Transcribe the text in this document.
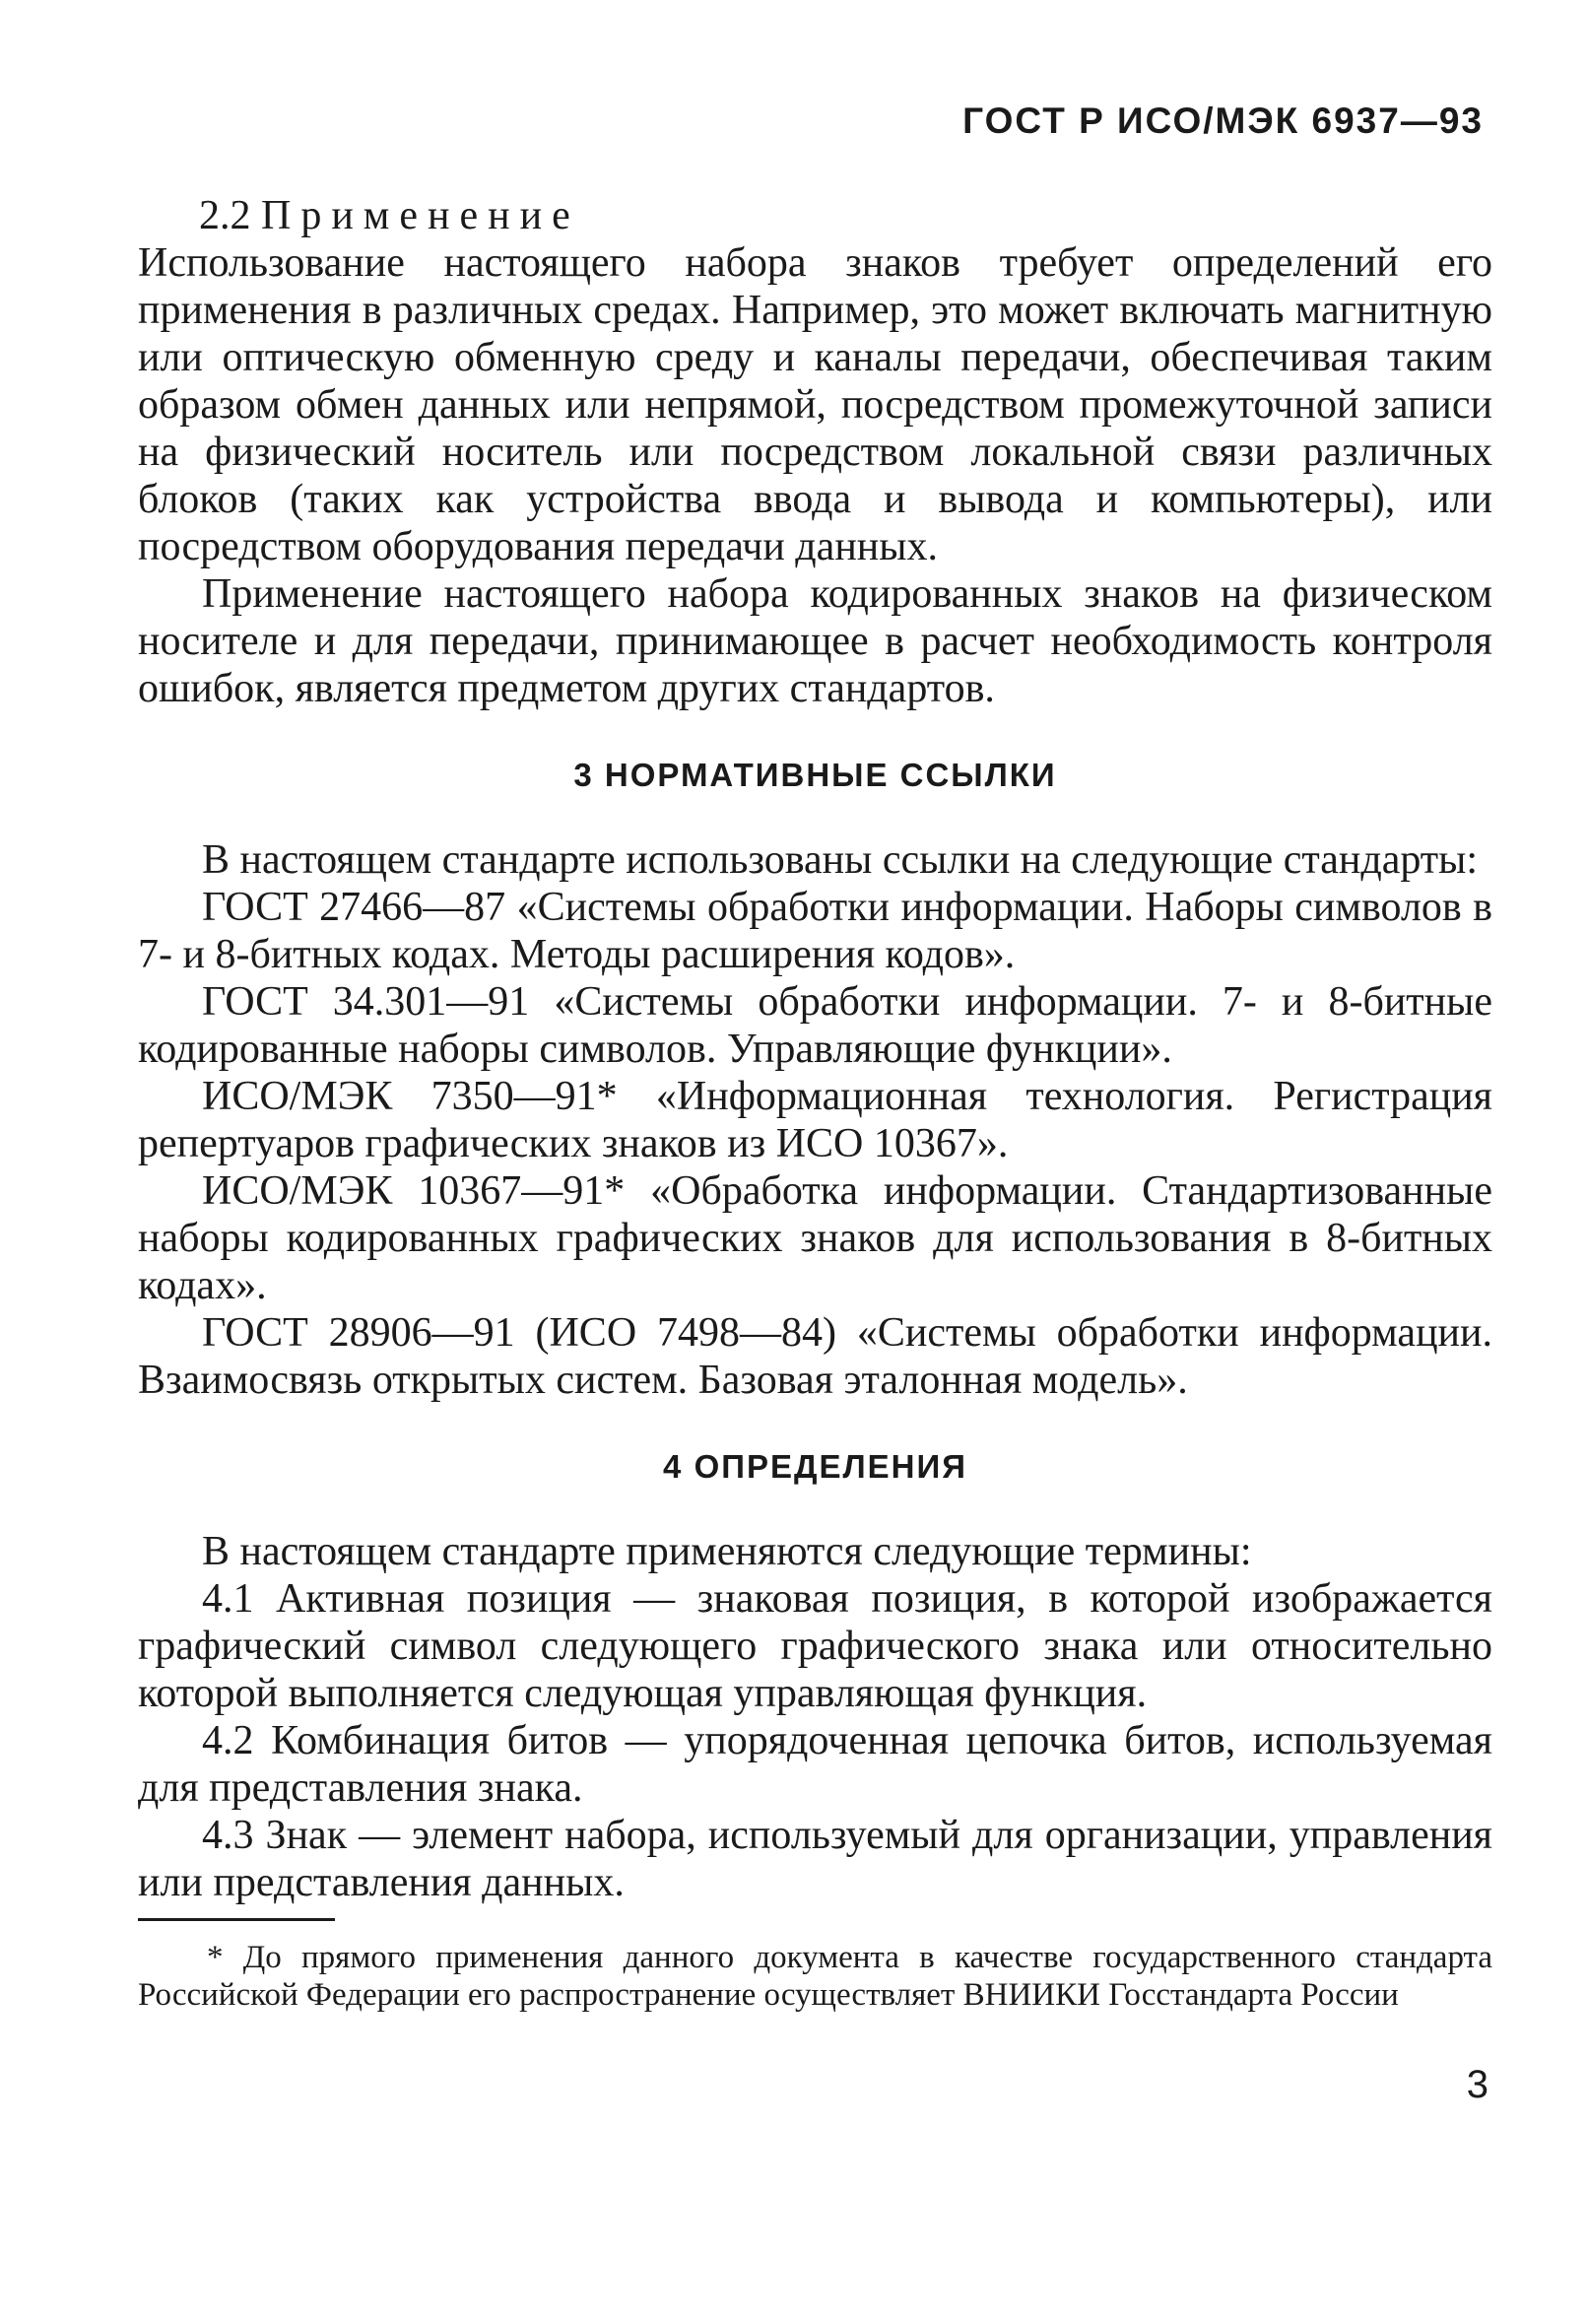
ГОСТ Р ИСО/МЭК 6937—93
2.2 Применение

Использование настоящего набора знаков требует определений его применения в различных средах. Например, это может включать магнитную или оптическую обменную среду и каналы передачи, обеспечивая таким образом обмен данных или непрямой, посредством промежуточной записи на физический носитель или посредством локальной связи различных блоков (таких как устройства ввода и вывода и компьютеры), или посредством оборудования передачи данных.

Применение настоящего набора кодированных знаков на физическом носителе и для передачи, принимающее в расчет необходимость контроля ошибок, является предметом других стандартов.

3 НОРМАТИВНЫЕ ССЫЛКИ

В настоящем стандарте использованы ссылки на следующие стандарты:

ГОСТ 27466—87 «Системы обработки информации. Наборы символов в 7- и 8-битных кодах. Методы расширения кодов».

ГОСТ 34.301—91 «Системы обработки информации. 7- и 8-битные кодированные наборы символов. Управляющие функции».

ИСО/МЭК 7350—91* «Информационная технология. Регистрация репертуаров графических знаков из ИСО 10367».

ИСО/МЭК 10367—91* «Обработка информации. Стандартизованные наборы кодированных графических знаков для использования в 8-битных кодах».

ГОСТ 28906—91 (ИСО 7498—84) «Системы обработки информации. Взаимосвязь открытых систем. Базовая эталонная модель».

4 ОПРЕДЕЛЕНИЯ

В настоящем стандарте применяются следующие термины:

4.1 Активная позиция — знаковая позиция, в которой изображается графический символ следующего графического знака или относительно которой выполняется следующая управляющая функция.

4.2 Комбинация битов — упорядоченная цепочка битов, используемая для представления знака.

4.3 Знак — элемент набора, используемый для организации, управления или представления данных.

* До прямого применения данного документа в качестве государственного стандарта Российской Федерации его распространение осуществляет ВНИИКИ Госстандарта России

3
